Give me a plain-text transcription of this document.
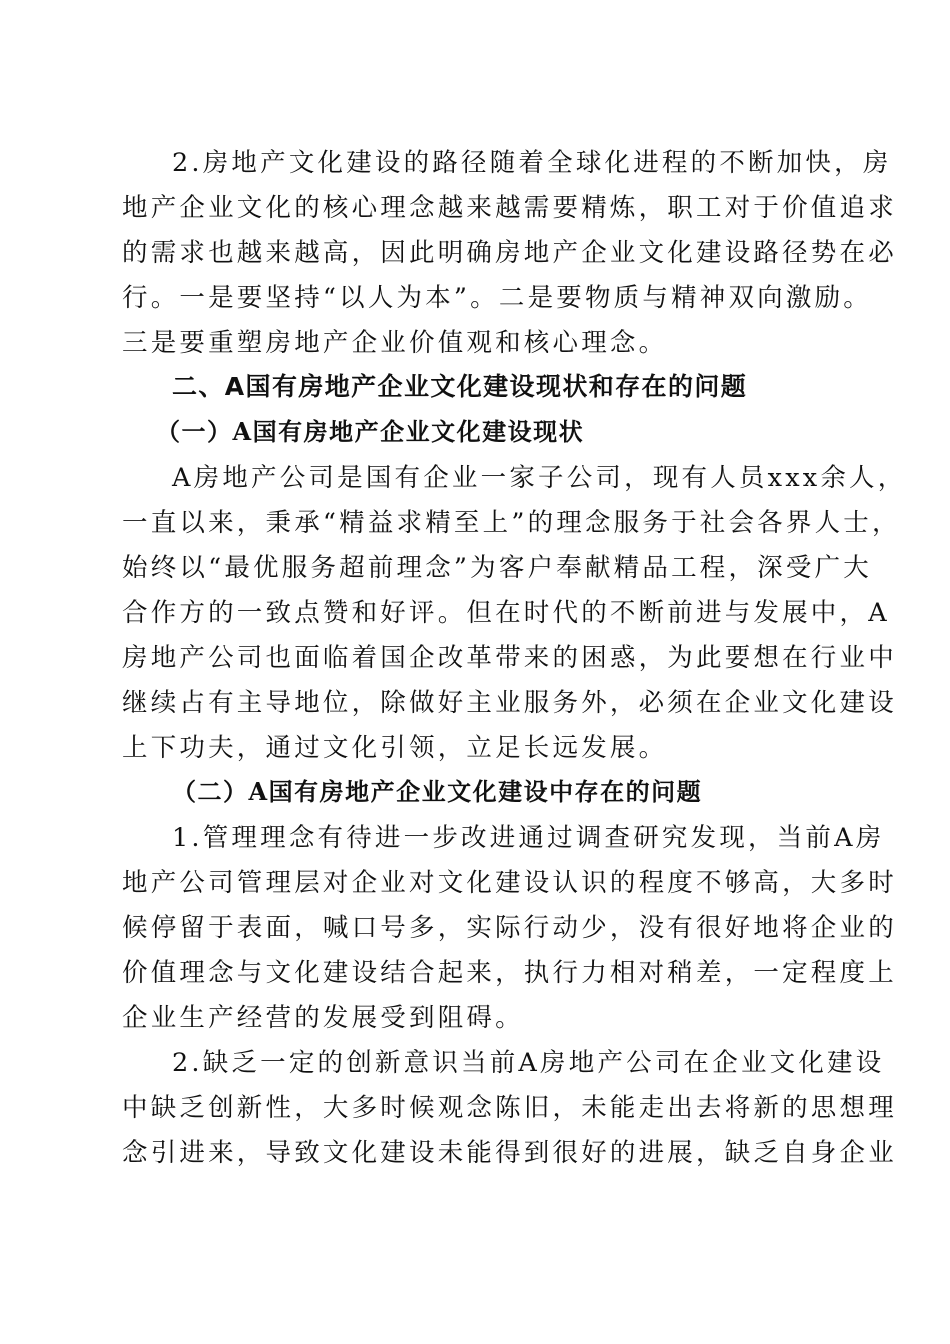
2.房地产文化建设的路径随着全球化进程的不断加快，房
地产企业文化的核心理念越来越需要精炼，职工对于价值追求
的需求也越来越高，因此明确房地产企业文化建设路径势在必
行。一是要坚持“以人为本”。二是要物质与精神双向激励。
三是要重塑房地产企业价值观和核心理念。
二、A国有房地产企业文化建设现状和存在的问题
（一）A国有房地产企业文化建设现状
A房地产公司是国有企业一家子公司，现有人员xxx余人，
一直以来，秉承“精益求精至上”的理念服务于社会各界人士，
始终以“最优服务超前理念”为客户奉献精品工程，深受广大
合作方的一致点赞和好评。但在时代的不断前进与发展中，A
房地产公司也面临着国企改革带来的困惑，为此要想在行业中
继续占有主导地位，除做好主业服务外，必须在企业文化建设
上下功夫，通过文化引领，立足长远发展。
（二）A国有房地产企业文化建设中存在的问题
1.管理理念有待进一步改进通过调查研究发现，当前A房
地产公司管理层对企业对文化建设认识的程度不够高，大多时
候停留于表面，喊口号多，实际行动少，没有很好地将企业的
价值理念与文化建设结合起来，执行力相对稍差，一定程度上
企业生产经营的发展受到阻碍。
2.缺乏一定的创新意识当前A房地产公司在企业文化建设
中缺乏创新性，大多时候观念陈旧，未能走出去将新的思想理
念引进来，导致文化建设未能得到很好的进展，缺乏自身企业
